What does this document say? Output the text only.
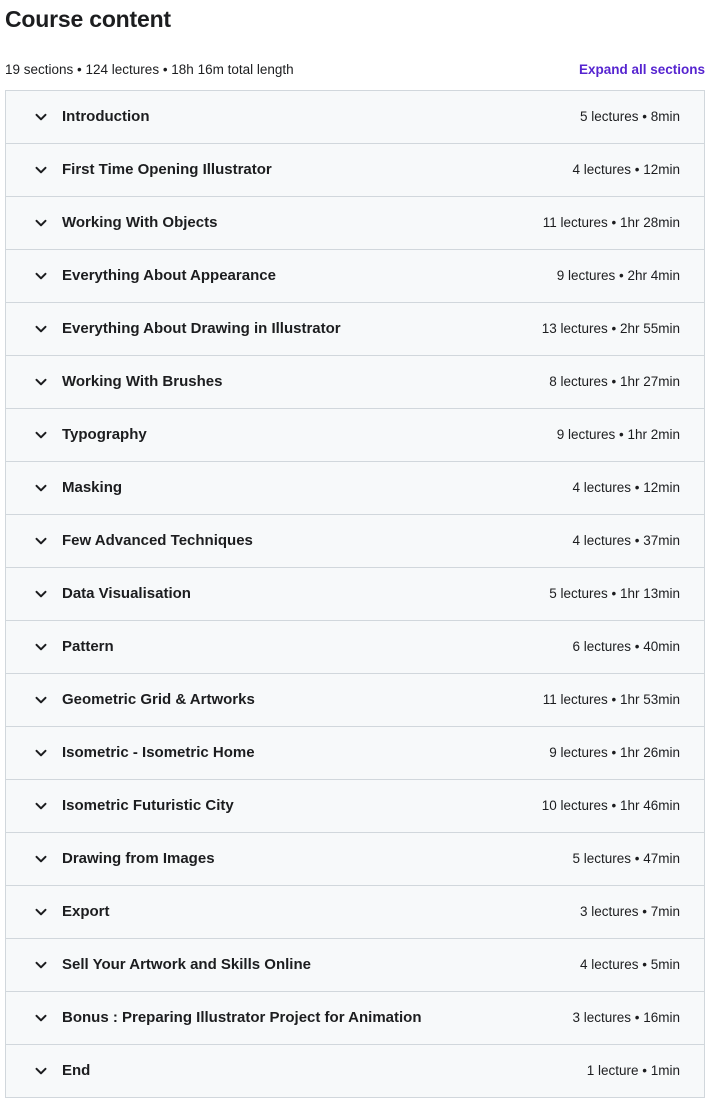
Course content
19 sections • 124 lectures • 18h 16m total length	Expand all sections
Introduction	5 lectures • 8min
First Time Opening Illustrator	4 lectures • 12min
Working With Objects	11 lectures • 1hr 28min
Everything About Appearance	9 lectures • 2hr 4min
Everything About Drawing in Illustrator	13 lectures • 2hr 55min
Working With Brushes	8 lectures • 1hr 27min
Typography	9 lectures • 1hr 2min
Masking	4 lectures • 12min
Few Advanced Techniques	4 lectures • 37min
Data Visualisation	5 lectures • 1hr 13min
Pattern	6 lectures • 40min
Geometric Grid & Artworks	11 lectures • 1hr 53min
Isometric - Isometric Home	9 lectures • 1hr 26min
Isometric Futuristic City	10 lectures • 1hr 46min
Drawing from Images	5 lectures • 47min
Export	3 lectures • 7min
Sell Your Artwork and Skills Online	4 lectures • 5min
Bonus : Preparing Illustrator Project for Animation	3 lectures • 16min
End	1 lecture • 1min
